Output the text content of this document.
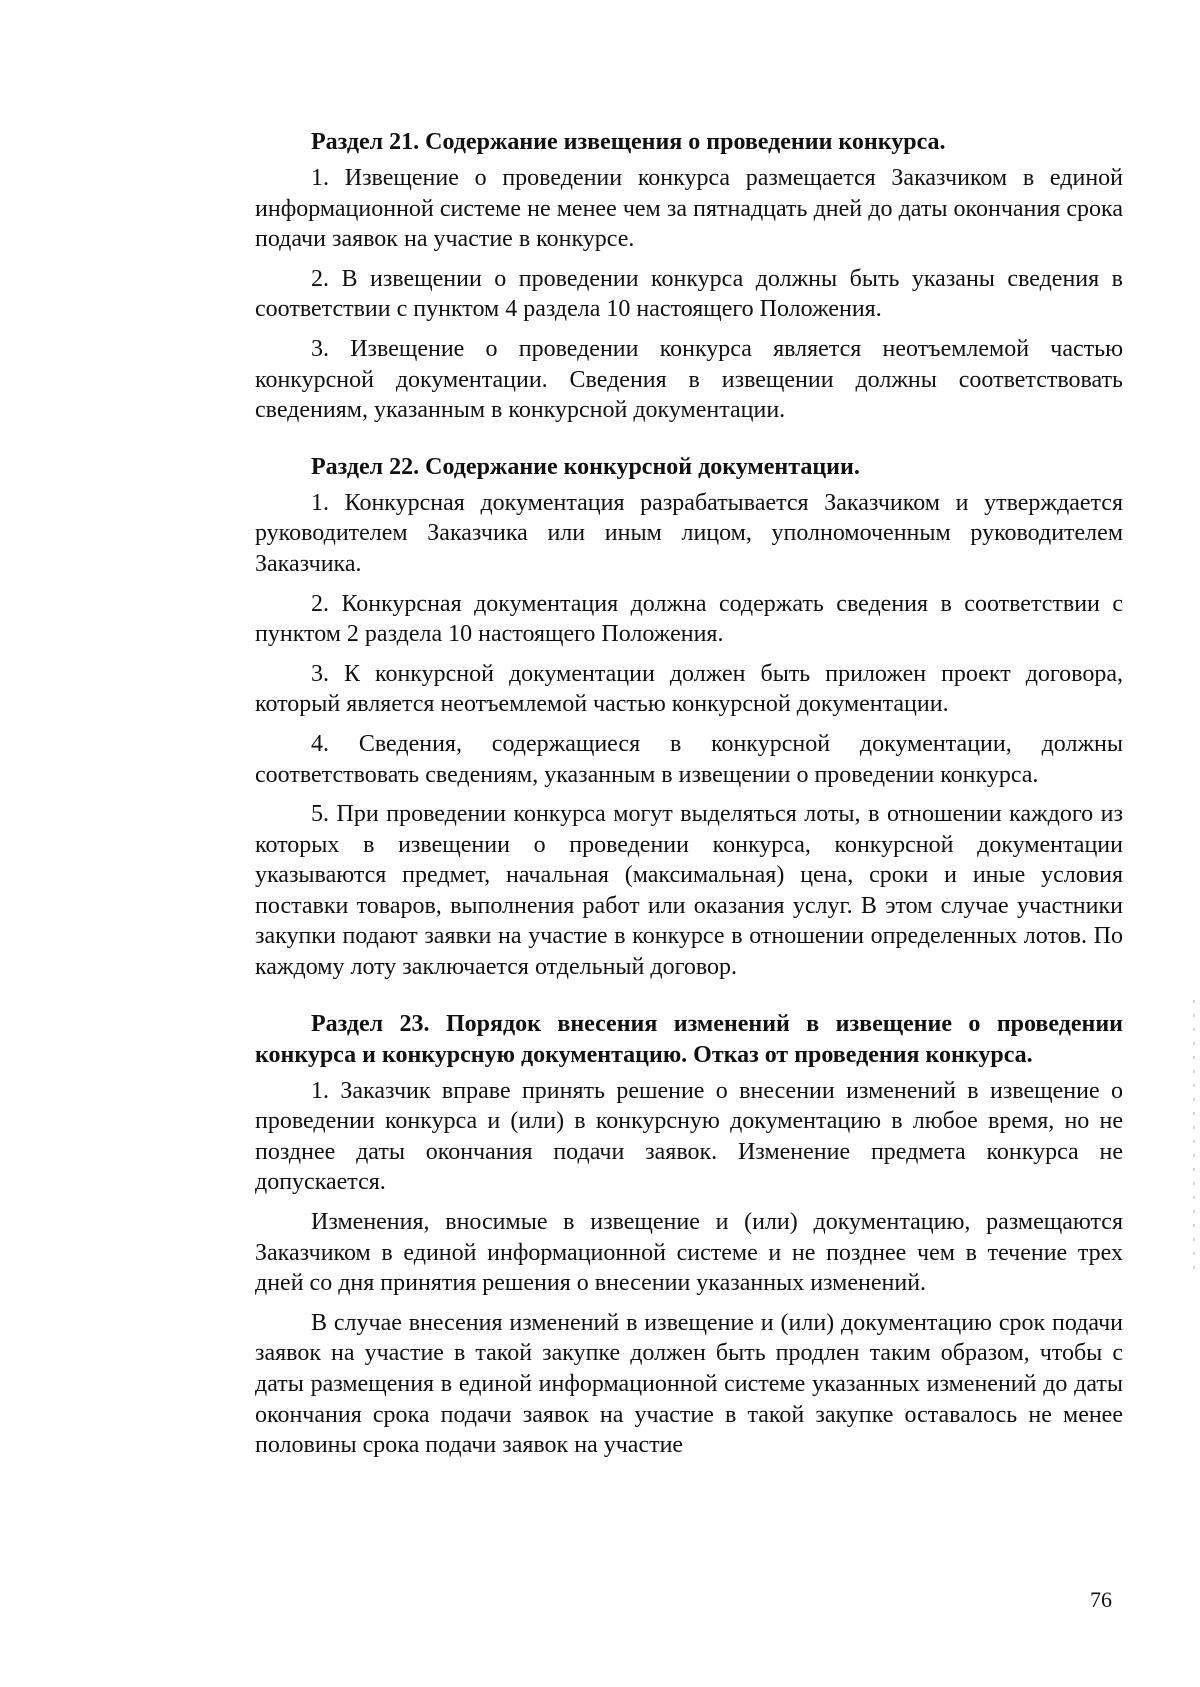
Раздел 21. Содержание извещения о проведении конкурса.
1. Извещение о проведении конкурса размещается Заказчиком в единой информационной системе не менее чем за пятнадцать дней до даты окончания срока подачи заявок на участие в конкурсе.
2. В извещении о проведении конкурса должны быть указаны сведения в соответствии с пунктом 4 раздела 10 настоящего Положения.
3. Извещение о проведении конкурса является неотъемлемой частью конкурсной документации. Сведения в извещении должны соответствовать сведениям, указанным в конкурсной документации.
Раздел 22. Содержание конкурсной документации.
1. Конкурсная документация разрабатывается Заказчиком и утверждается руководителем Заказчика или иным лицом, уполномоченным руководителем Заказчика.
2. Конкурсная документация должна содержать сведения в соответствии с пунктом 2 раздела 10 настоящего Положения.
3. К конкурсной документации должен быть приложен проект договора, который является неотъемлемой частью конкурсной документации.
4. Сведения, содержащиеся в конкурсной документации, должны соответствовать сведениям, указанным в извещении о проведении конкурса.
5. При проведении конкурса могут выделяться лоты, в отношении каждого из которых в извещении о проведении конкурса, конкурсной документации указываются предмет, начальная (максимальная) цена, сроки и иные условия поставки товаров, выполнения работ или оказания услуг. В этом случае участники закупки подают заявки на участие в конкурсе в отношении определенных лотов. По каждому лоту заключается отдельный договор.
Раздел 23. Порядок внесения изменений в извещение о проведении конкурса и конкурсную документацию. Отказ от проведения конкурса.
1. Заказчик вправе принять решение о внесении изменений в извещение о проведении конкурса и (или) в конкурсную документацию в любое время, но не позднее даты окончания подачи заявок. Изменение предмета конкурса не допускается.
Изменения, вносимые в извещение и (или) документацию, размещаются Заказчиком в единой информационной системе и не позднее чем в течение трех дней со дня принятия решения о внесении указанных изменений.
В случае внесения изменений в извещение и (или) документацию срок подачи заявок на участие в такой закупке должен быть продлен таким образом, чтобы с даты размещения в единой информационной системе указанных изменений до даты окончания срока подачи заявок на участие в такой закупке оставалось не менее половины срока подачи заявок на участие
76
